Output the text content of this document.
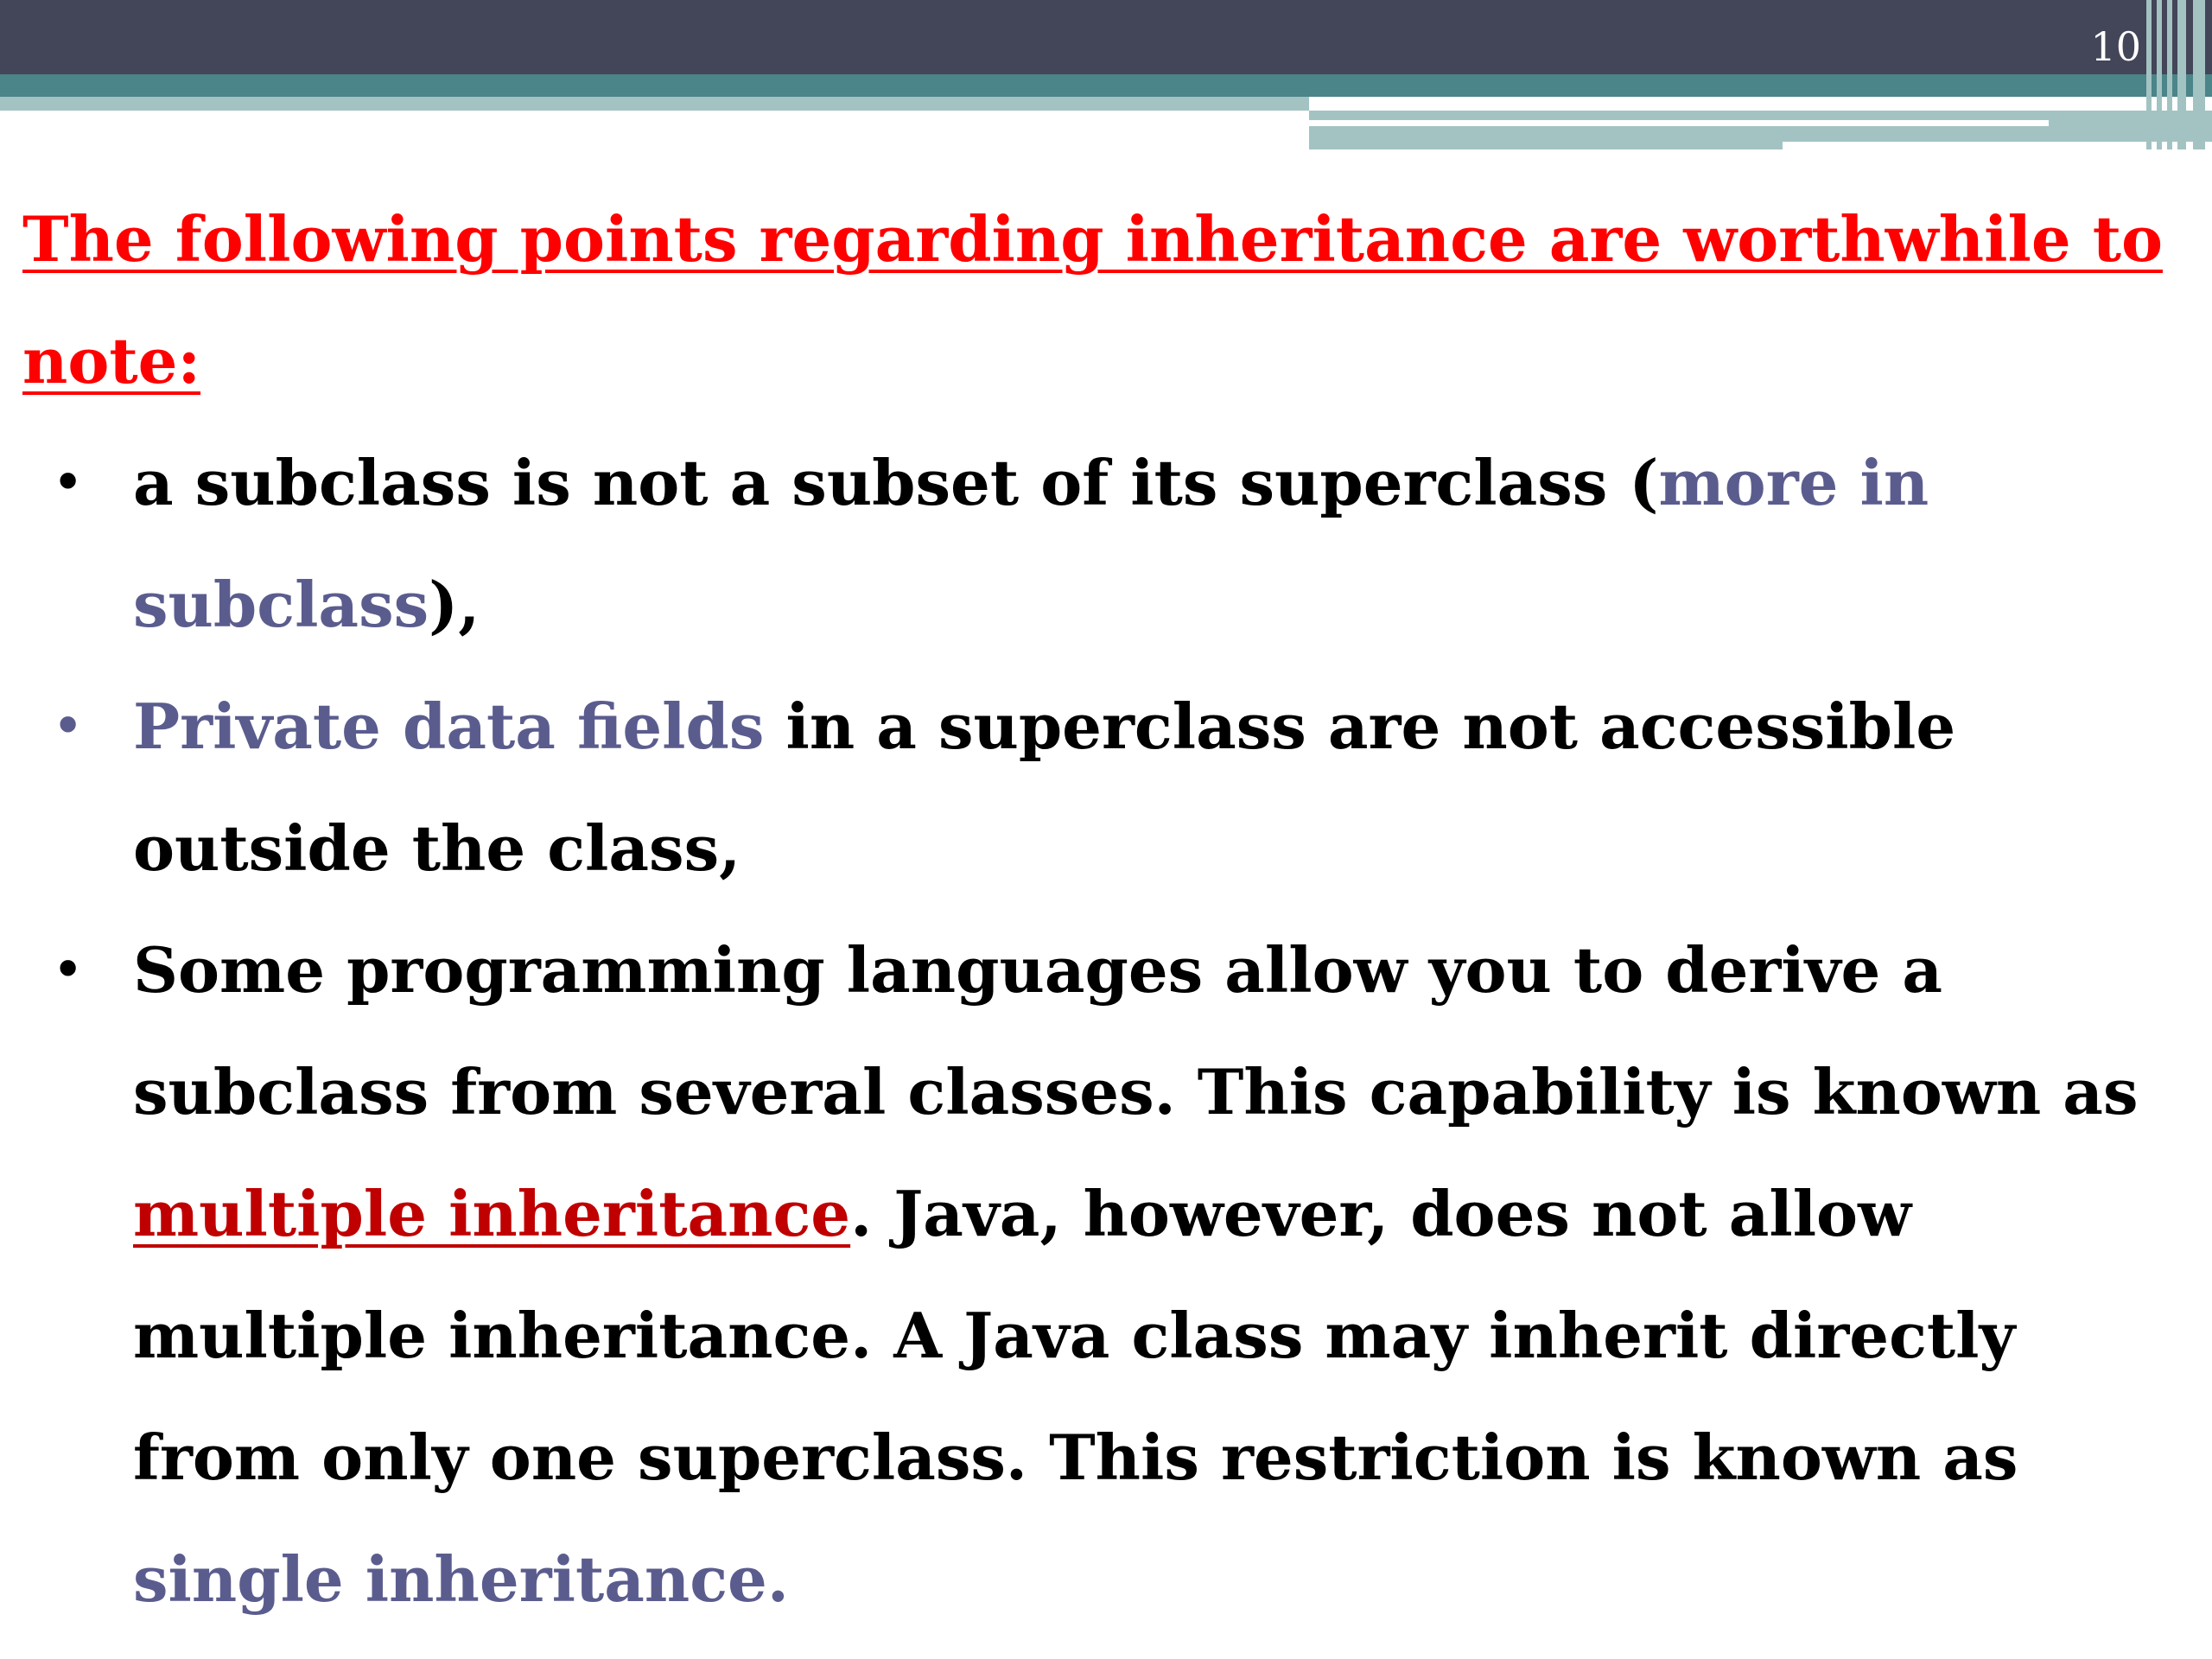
10

The following points regarding inheritance are worthwhile to note:

• a subclass is not a subset of its superclass (more in subclass),
• Private data fields in a superclass are not accessible outside the class,
• Some programming languages allow you to derive a subclass from several classes. This capability is known as multiple inheritance. Java, however, does not allow multiple inheritance. A Java class may inherit directly from only one superclass. This restriction is known as single inheritance.
